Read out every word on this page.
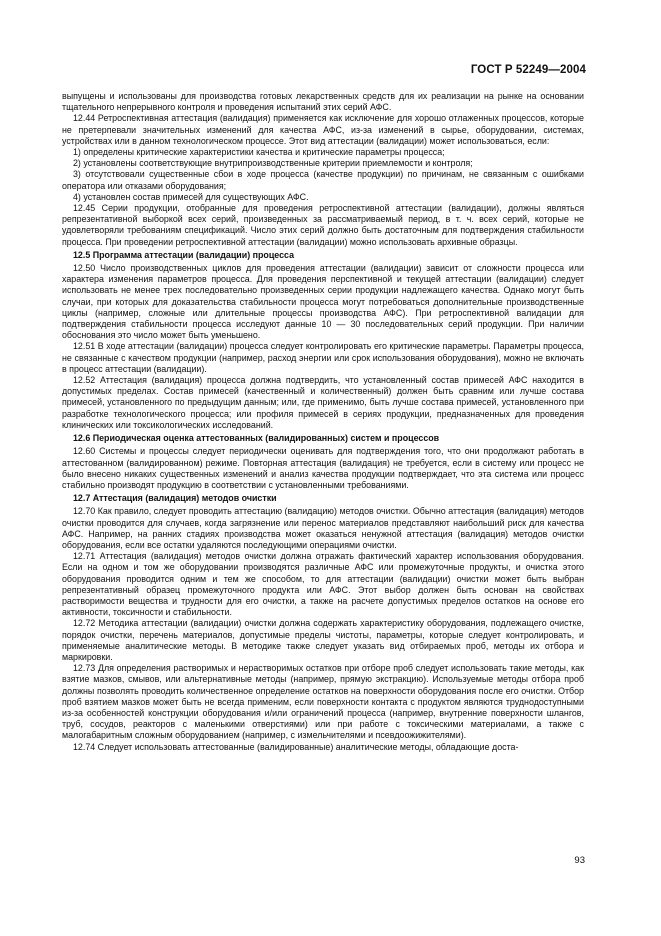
ГОСТ Р 52249—2004

выпущены и использованы для производства готовых лекарственных средств для их реализации на рынке на основании тщательного непрерывного контроля и проведения испытаний этих серий АФС.

12.44 Ретроспективная аттестация (валидация) применяется как исключение для хорошо отлаженных процессов, которые не претерпевали значительных изменений для качества АФС, из-за изменений в сырье, оборудовании, системах, устройствах или в данном технологическом процессе. Этот вид аттестации (валидации) может использоваться, если:

1) определены критические характеристики качества и критические параметры процесса;

2) установлены соответствующие внутрипроизводственные критерии приемлемости и контроля;

3) отсутствовали существенные сбои в ходе процесса (качестве продукции) по причинам, не связанным с ошибками оператора или отказами оборудования;

4) установлен состав примесей для существующих АФС.

12.45 Серии продукции, отобранные для проведения ретроспективной аттестации (валидации), должны являться репрезентативной выборкой всех серий, произведенных за рассматриваемый период, в т. ч. всех серий, которые не удовлетворяли требованиям спецификаций. Число этих серий должно быть достаточным для подтверждения стабильности процесса. При проведении ретроспективной аттестации (валидации) можно использовать архивные образцы.

12.5 Программа аттестации (валидации) процесса

12.50 Число производственных циклов для проведения аттестации (валидации) зависит от сложности процесса или характера изменения параметров процесса. Для проведения перспективной и текущей аттестации (валидации) следует использовать не менее трех последовательно произведенных серии продукции надлежащего качества. Однако могут быть случаи, при которых для доказательства стабильности процесса могут потребоваться дополнительные производственные циклы (например, сложные или длительные процессы производства АФС). При ретроспективной валидации для подтверждения стабильности процесса исследуют данные 10 — 30 последовательных серий продукции. При наличии обоснования это число может быть уменьшено.

12.51 В ходе аттестации (валидации) процесса следует контролировать его критические параметры. Параметры процесса, не связанные с качеством продукции (например, расход энергии или срок использования оборудования), можно не включать в процесс аттестации (валидации).

12.52 Аттестация (валидация) процесса должна подтвердить, что установленный состав примесей АФС находится в допустимых пределах. Состав примесей (качественный и количественный) должен быть сравним или лучше состава примесей, установленного по предыдущим данным; или, где применимо, быть лучше состава примесей, установленного при разработке технологического процесса; или профиля примесей в сериях продукции, предназначенных для проведения клинических или токсикологических исследований.

12.6 Периодическая оценка аттестованных (валидированных) систем и процессов

12.60 Системы и процессы следует периодически оценивать для подтверждения того, что они продолжают работать в аттестованном (валидированном) режиме. Повторная аттестация (валидация) не требуется, если в систему или процесс не было внесено никаких существенных изменений и анализ качества продукции подтверждает, что эта система или процесс стабильно производят продукцию в соответствии с установленными требованиями.

12.7 Аттестация (валидация) методов очистки

12.70 Как правило, следует проводить аттестацию (валидацию) методов очистки. Обычно аттестация (валидация) методов очистки проводится для случаев, когда загрязнение или перенос материалов представляют наибольший риск для качества АФС. Например, на ранних стадиях производства может оказаться ненужной аттестация (валидация) методов очистки оборудования, если все остатки удаляются последующими операциями очистки.

12.71 Аттестация (валидация) методов очистки должна отражать фактический характер использования оборудования. Если на одном и том же оборудовании производятся различные АФС или промежуточные продукты, и очистка этого оборудования проводится одним и тем же способом, то для аттестации (валидации) очистки может быть выбран репрезентативный образец промежуточного продукта или АФС. Этот выбор должен быть основан на свойствах растворимости вещества и трудности для его очистки, а также на расчете допустимых пределов остатков на основе его активности, токсичности и стабильности.

12.72 Методика аттестации (валидации) очистки должна содержать характеристику оборудования, подлежащего очистке, порядок очистки, перечень материалов, допустимые пределы чистоты, параметры, которые следует контролировать, и применяемые аналитические методы. В методике также следует указать вид отбираемых проб, методы их отбора и маркировки.

12.73 Для определения растворимых и нерастворимых остатков при отборе проб следует использовать такие методы, как взятие мазков, смывов, или альтернативные методы (например, прямую экстракцию). Используемые методы отбора проб должны позволять проводить количественное определение остатков на поверхности оборудования после его очистки. Отбор проб взятием мазков может быть не всегда применим, если поверхности контакта с продуктом являются труднодоступными из-за особенностей конструкции оборудования и/или ограничений процесса (например, внутренние поверхности шлангов, труб, сосудов, реакторов с маленькими отверстиями) или при работе с токсическими материалами, а также с малогабаритным сложным оборудованием (например, с измельчителями и псевдоожижителями).

12.74 Следует использовать аттестованные (валидированные) аналитические методы, обладающие доста-

93
